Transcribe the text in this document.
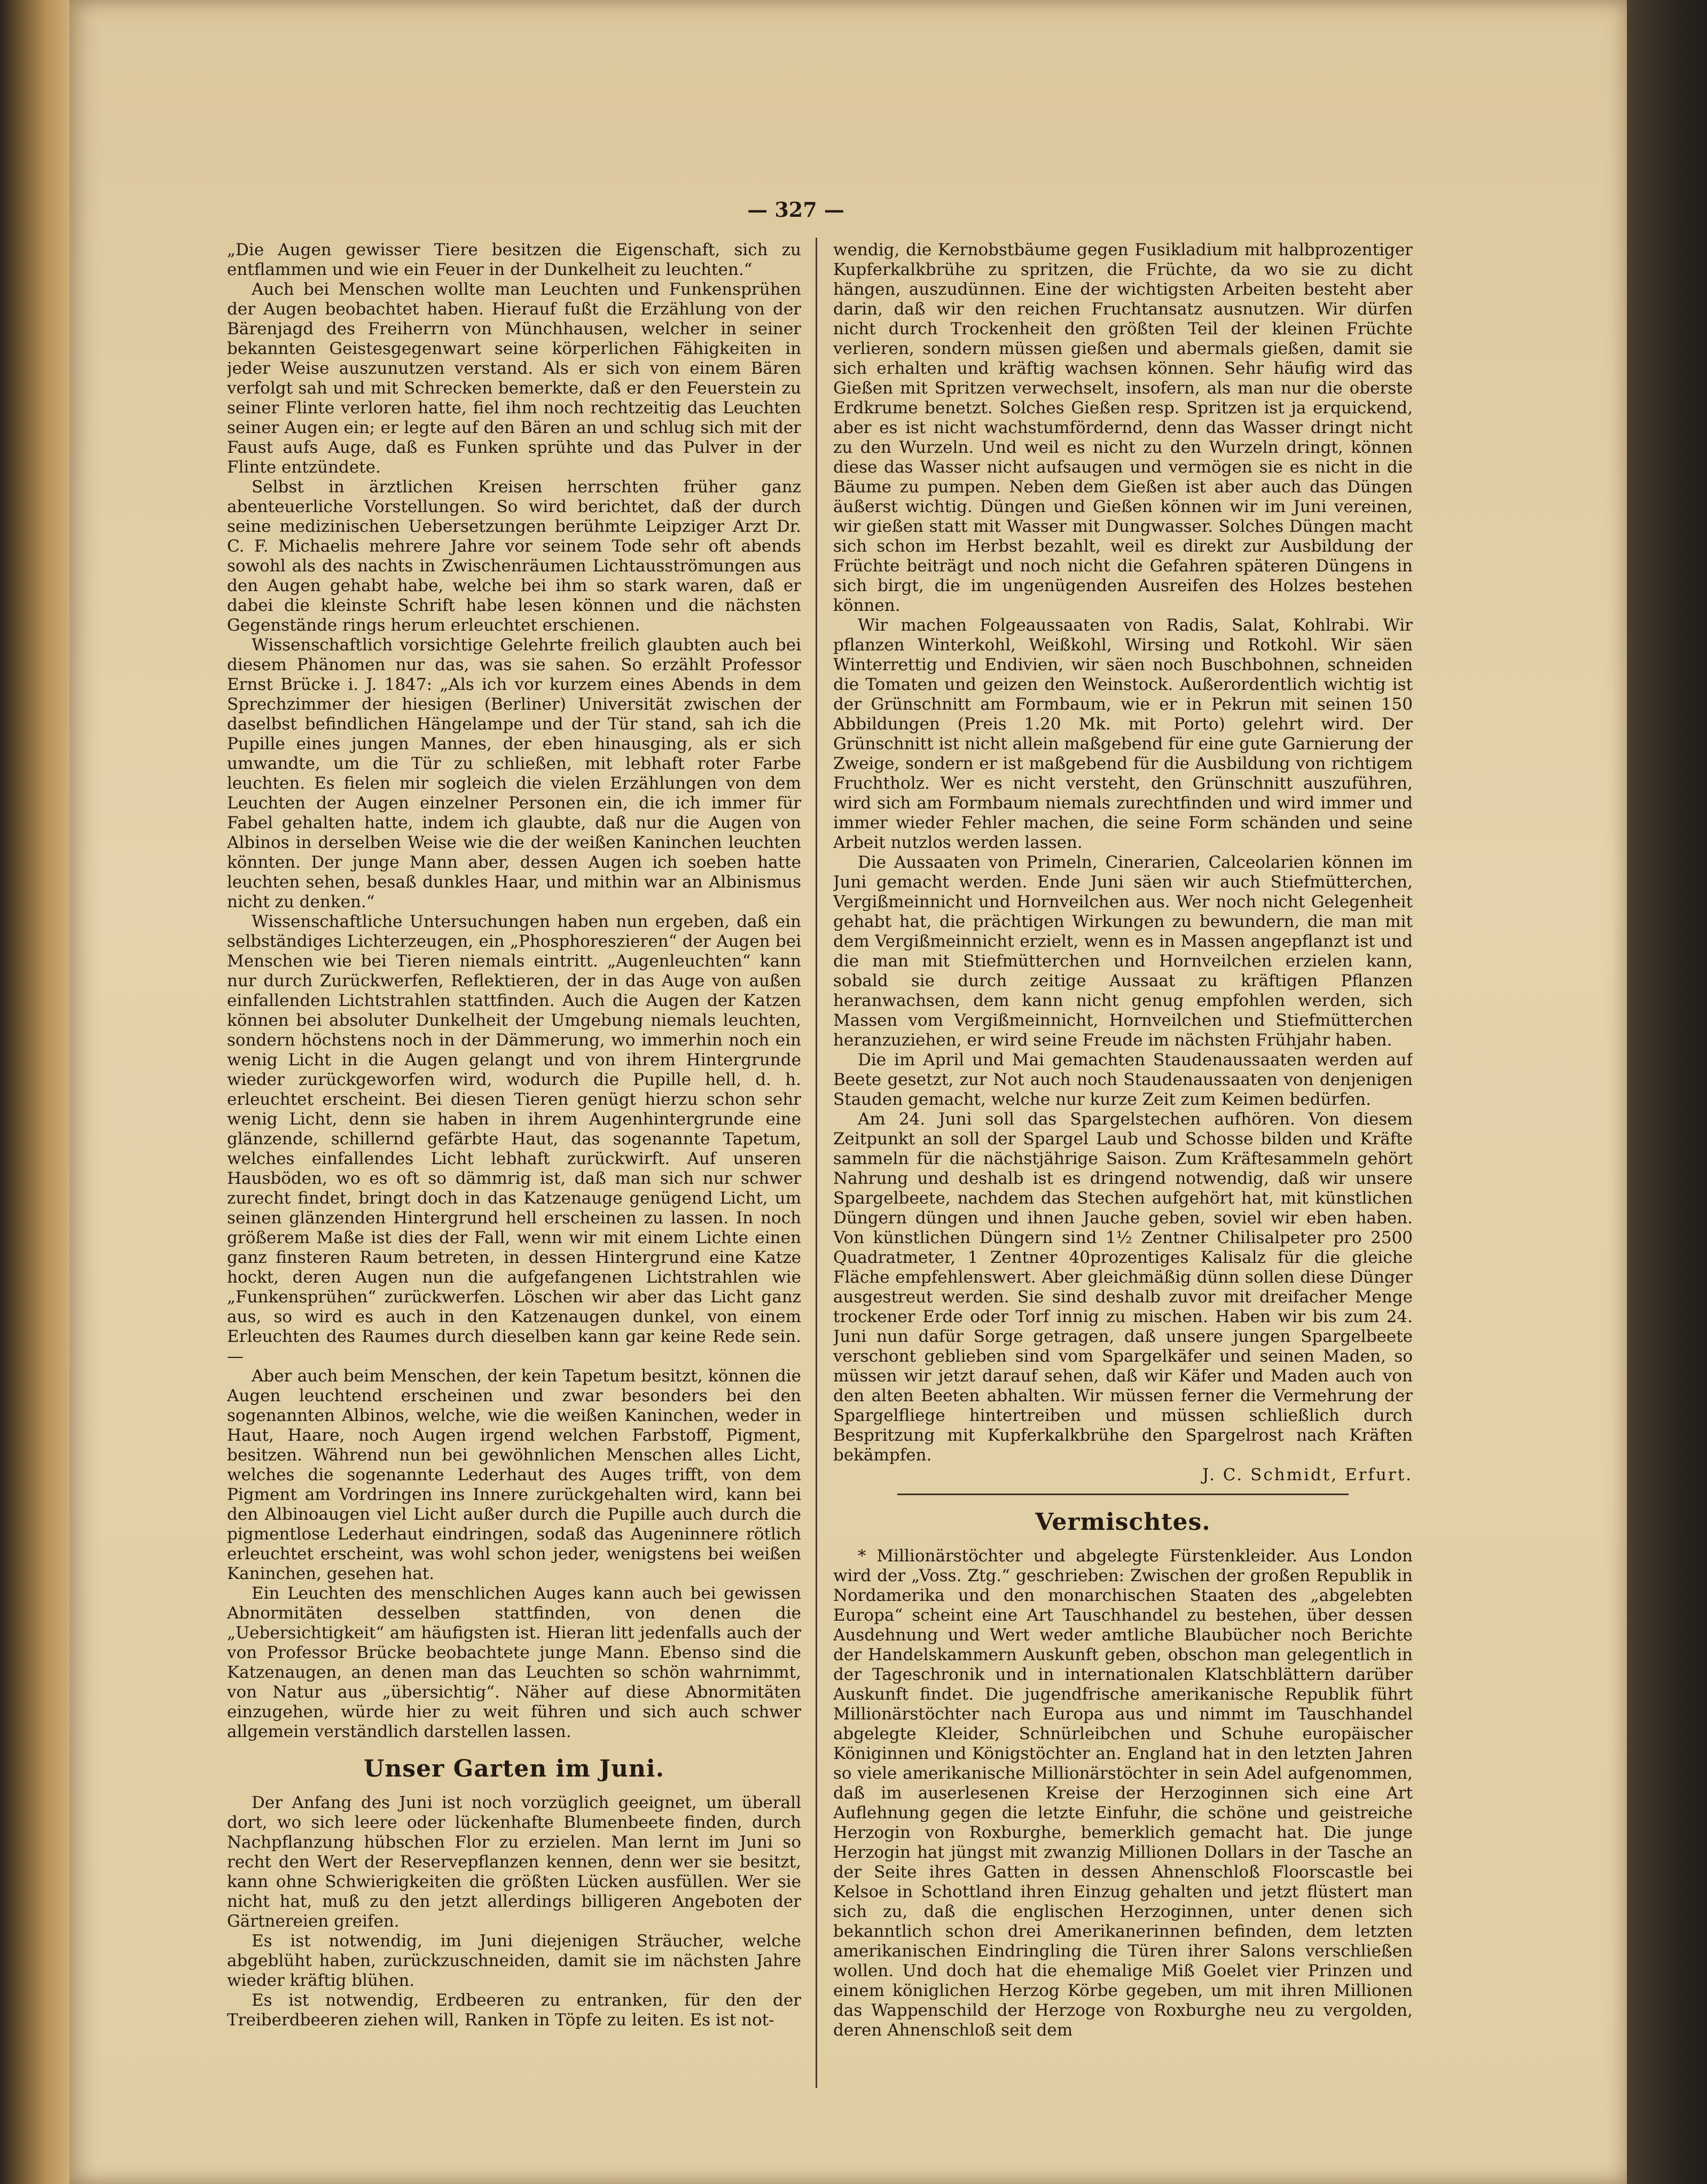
— 327 —

„Die Augen gewisser Tiere besitzen die Eigenschaft, sich zu entflammen und wie ein Feuer in der Dunkelheit zu leuchten.“

Auch bei Menschen wollte man Leuchten und Funkensprühen der Augen beobachtet haben. Hierauf fußt die Erzählung von der Bärenjagd des Freiherrn von Münchhausen, welcher in seiner bekannten Geistesgegenwart seine körperlichen Fähigkeiten in jeder Weise auszunutzen verstand. Als er sich von einem Bären verfolgt sah und mit Schrecken bemerkte, daß er den Feuerstein zu seiner Flinte verloren hatte, fiel ihm noch rechtzeitig das Leuchten seiner Augen ein; er legte auf den Bären an und schlug sich mit der Faust aufs Auge, daß es Funken sprühte und das Pulver in der Flinte entzündete.

Selbst in ärztlichen Kreisen herrschten früher ganz abenteuerliche Vorstellungen. So wird berichtet, daß der durch seine medizinischen Uebersetzungen berühmte Leipziger Arzt Dr. C. F. Michaelis mehrere Jahre vor seinem Tode sehr oft abends sowohl als des nachts in Zwischenräumen Lichtausströmungen aus den Augen gehabt habe, welche bei ihm so stark waren, daß er dabei die kleinste Schrift habe lesen können und die nächsten Gegenstände rings herum erleuchtet erschienen.

Wissenschaftlich vorsichtige Gelehrte freilich glaubten auch bei diesem Phänomen nur das, was sie sahen. So erzählt Professor Ernst Brücke i. J. 1847: „Als ich vor kurzem eines Abends in dem Sprechzimmer der hiesigen (Berliner) Universität zwischen der daselbst befindlichen Hängelampe und der Tür stand, sah ich die Pupille eines jungen Mannes, der eben hinausging, als er sich umwandte, um die Tür zu schließen, mit lebhaft roter Farbe leuchten. Es fielen mir sogleich die vielen Erzählungen von dem Leuchten der Augen einzelner Personen ein, die ich immer für Fabel gehalten hatte, indem ich glaubte, daß nur die Augen von Albinos in derselben Weise wie die der weißen Kaninchen leuchten könnten. Der junge Mann aber, dessen Augen ich soeben hatte leuchten sehen, besaß dunkles Haar, und mithin war an Albinismus nicht zu denken.“

Wissenschaftliche Untersuchungen haben nun ergeben, daß ein selbständiges Lichterzeugen, ein „Phosphoreszieren“ der Augen bei Menschen wie bei Tieren niemals eintritt. „Augenleuchten“ kann nur durch Zurückwerfen, Reflektieren, der in das Auge von außen einfallenden Lichtstrahlen stattfinden. Auch die Augen der Katzen können bei absoluter Dunkelheit der Umgebung niemals leuchten, sondern höchstens noch in der Dämmerung, wo immerhin noch ein wenig Licht in die Augen gelangt und von ihrem Hintergrunde wieder zurückgeworfen wird, wodurch die Pupille hell, d. h. erleuchtet erscheint. Bei diesen Tieren genügt hierzu schon sehr wenig Licht, denn sie haben in ihrem Augenhintergrunde eine glänzende, schillernd gefärbte Haut, das sogenannte Tapetum, welches einfallendes Licht lebhaft zurückwirft. Auf unseren Hausböden, wo es oft so dämmrig ist, daß man sich nur schwer zurecht findet, bringt doch in das Katzenauge genügend Licht, um seinen glänzenden Hintergrund hell erscheinen zu lassen. In noch größerem Maße ist dies der Fall, wenn wir mit einem Lichte einen ganz finsteren Raum betreten, in dessen Hintergrund eine Katze hockt, deren Augen nun die aufgefangenen Lichtstrahlen wie „Funkensprühen“ zurückwerfen. Löschen wir aber das Licht ganz aus, so wird es auch in den Katzenaugen dunkel, von einem Erleuchten des Raumes durch dieselben kann gar keine Rede sein. —

Aber auch beim Menschen, der kein Tapetum besitzt, können die Augen leuchtend erscheinen und zwar besonders bei den sogenannten Albinos, welche, wie die weißen Kaninchen, weder in Haut, Haare, noch Augen irgend welchen Farbstoff, Pigment, besitzen. Während nun bei gewöhnlichen Menschen alles Licht, welches die sogenannte Lederhaut des Auges trifft, von dem Pigment am Vordringen ins Innere zurückgehalten wird, kann bei den Albinoaugen viel Licht außer durch die Pupille auch durch die pigmentlose Lederhaut eindringen, sodaß das Augeninnere rötlich erleuchtet erscheint, was wohl schon jeder, wenigstens bei weißen Kaninchen, gesehen hat.

Ein Leuchten des menschlichen Auges kann auch bei gewissen Abnormitäten desselben stattfinden, von denen die „Uebersichtigkeit“ am häufigsten ist. Hieran litt jedenfalls auch der von Professor Brücke beobachtete junge Mann. Ebenso sind die Katzenaugen, an denen man das Leuchten so schön wahrnimmt, von Natur aus „übersichtig“. Näher auf diese Abnormitäten einzugehen, würde hier zu weit führen und sich auch schwer allgemein verständlich darstellen lassen.

Unser Garten im Juni.

Der Anfang des Juni ist noch vorzüglich geeignet, um überall dort, wo sich leere oder lückenhafte Blumenbeete finden, durch Nachpflanzung hübschen Flor zu erzielen. Man lernt im Juni so recht den Wert der Reservepflanzen kennen, denn wer sie besitzt, kann ohne Schwierigkeiten die größten Lücken ausfüllen. Wer sie nicht hat, muß zu den jetzt allerdings billigeren Angeboten der Gärtnereien greifen.

Es ist notwendig, im Juni diejenigen Sträucher, welche abgeblüht haben, zurückzuschneiden, damit sie im nächsten Jahre wieder kräftig blühen.

Es ist notwendig, Erdbeeren zu entranken, für den der Treiberdbeeren ziehen will, Ranken in Töpfe zu leiten. Es ist not-

wendig, die Kernobstbäume gegen Fusikladium mit halbprozentiger Kupferkalkbrühe zu spritzen, die Früchte, da wo sie zu dicht hängen, auszudünnen. Eine der wichtigsten Arbeiten besteht aber darin, daß wir den reichen Fruchtansatz ausnutzen. Wir dürfen nicht durch Trockenheit den größten Teil der kleinen Früchte verlieren, sondern müssen gießen und abermals gießen, damit sie sich erhalten und kräftig wachsen können. Sehr häufig wird das Gießen mit Spritzen verwechselt, insofern, als man nur die oberste Erdkrume benetzt. Solches Gießen resp. Spritzen ist ja erquickend, aber es ist nicht wachstumfördernd, denn das Wasser dringt nicht zu den Wurzeln. Und weil es nicht zu den Wurzeln dringt, können diese das Wasser nicht aufsaugen und vermögen sie es nicht in die Bäume zu pumpen. Neben dem Gießen ist aber auch das Düngen äußerst wichtig. Düngen und Gießen können wir im Juni vereinen, wir gießen statt mit Wasser mit Dungwasser. Solches Düngen macht sich schon im Herbst bezahlt, weil es direkt zur Ausbildung der Früchte beiträgt und noch nicht die Gefahren späteren Düngens in sich birgt, die im ungenügenden Ausreifen des Holzes bestehen können.

Wir machen Folgeaussaaten von Radis, Salat, Kohlrabi. Wir pflanzen Winterkohl, Weißkohl, Wirsing und Rotkohl. Wir säen Winterrettig und Endivien, wir säen noch Buschbohnen, schneiden die Tomaten und geizen den Weinstock. Außerordentlich wichtig ist der Grünschnitt am Formbaum, wie er in Pekrun mit seinen 150 Abbildungen (Preis 1.20 Mk. mit Porto) gelehrt wird. Der Grünschnitt ist nicht allein maßgebend für eine gute Garnierung der Zweige, sondern er ist maßgebend für die Ausbildung von richtigem Fruchtholz. Wer es nicht versteht, den Grünschnitt auszuführen, wird sich am Formbaum niemals zurechtfinden und wird immer und immer wieder Fehler machen, die seine Form schänden und seine Arbeit nutzlos werden lassen.

Die Aussaaten von Primeln, Cinerarien, Calceolarien können im Juni gemacht werden. Ende Juni säen wir auch Stiefmütterchen, Vergißmeinnicht und Hornveilchen aus. Wer noch nicht Gelegenheit gehabt hat, die prächtigen Wirkungen zu bewundern, die man mit dem Vergißmeinnicht erzielt, wenn es in Massen angepflanzt ist und die man mit Stiefmütterchen und Hornveilchen erzielen kann, sobald sie durch zeitige Aussaat zu kräftigen Pflanzen heranwachsen, dem kann nicht genug empfohlen werden, sich Massen vom Vergißmeinnicht, Hornveilchen und Stiefmütterchen heranzuziehen, er wird seine Freude im nächsten Frühjahr haben.

Die im April und Mai gemachten Staudenaussaaten werden auf Beete gesetzt, zur Not auch noch Staudenaussaaten von denjenigen Stauden gemacht, welche nur kurze Zeit zum Keimen bedürfen.

Am 24. Juni soll das Spargelstechen aufhören. Von diesem Zeitpunkt an soll der Spargel Laub und Schosse bilden und Kräfte sammeln für die nächstjährige Saison. Zum Kräftesammeln gehört Nahrung und deshalb ist es dringend notwendig, daß wir unsere Spargelbeete, nachdem das Stechen aufgehört hat, mit künstlichen Düngern düngen und ihnen Jauche geben, soviel wir eben haben. Von künstlichen Düngern sind 1½ Zentner Chilisalpeter pro 2500 Quadratmeter, 1 Zentner 40prozentiges Kalisalz für die gleiche Fläche empfehlenswert. Aber gleichmäßig dünn sollen diese Dünger ausgestreut werden. Sie sind deshalb zuvor mit dreifacher Menge trockener Erde oder Torf innig zu mischen. Haben wir bis zum 24. Juni nun dafür Sorge getragen, daß unsere jungen Spargelbeete verschont geblieben sind vom Spargelkäfer und seinen Maden, so müssen wir jetzt darauf sehen, daß wir Käfer und Maden auch von den alten Beeten abhalten. Wir müssen ferner die Vermehrung der Spargelfliege hintertreiben und müssen schließlich durch Bespritzung mit Kupferkalkbrühe den Spargelrost nach Kräften bekämpfen.

J. C. Schmidt, Erfurt.

Vermischtes.

* Millionärstöchter und abgelegte Fürstenkleider. Aus London wird der „Voss. Ztg.“ geschrieben: Zwischen der großen Republik in Nordamerika und den monarchischen Staaten des „abgelebten Europa“ scheint eine Art Tauschhandel zu bestehen, über dessen Ausdehnung und Wert weder amtliche Blaubücher noch Berichte der Handelskammern Auskunft geben, obschon man gelegentlich in der Tageschronik und in internationalen Klatschblättern darüber Auskunft findet. Die jugendfrische amerikanische Republik führt Millionärstöchter nach Europa aus und nimmt im Tauschhandel abgelegte Kleider, Schnürleibchen und Schuhe europäischer Königinnen und Königstöchter an. England hat in den letzten Jahren so viele amerikanische Millionärstöchter in sein Adel aufgenommen, daß im auserlesenen Kreise der Herzoginnen sich eine Art Auflehnung gegen die letzte Einfuhr, die schöne und geistreiche Herzogin von Roxburghe, bemerklich gemacht hat. Die junge Herzogin hat jüngst mit zwanzig Millionen Dollars in der Tasche an der Seite ihres Gatten in dessen Ahnenschloß Floorscastle bei Kelsoe in Schottland ihren Einzug gehalten und jetzt flüstert man sich zu, daß die englischen Herzoginnen, unter denen sich bekanntlich schon drei Amerikanerinnen befinden, dem letzten amerikanischen Eindringling die Türen ihrer Salons verschließen wollen. Und doch hat die ehemalige Miß Goelet vier Prinzen und einem königlichen Herzog Körbe gegeben, um mit ihren Millionen das Wappenschild der Herzoge von Roxburghe neu zu vergolden, deren Ahnenschloß seit dem
